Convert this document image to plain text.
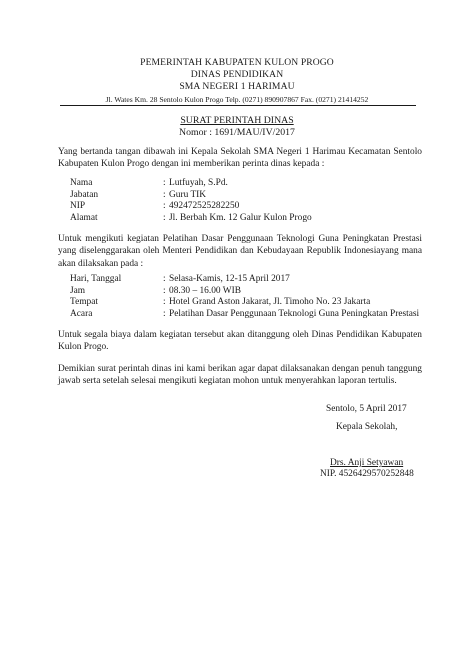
PEMERINTAH KABUPATEN KULON PROGO
DINAS PENDIDIKAN
SMA NEGERI 1 HARIMAU
Jl. Wates Km. 28 Sentolo Kulon Progo Telp. (0271) 890907867 Fax. (0271) 21414252
SURAT PERINTAH DINAS
Nomor : 1691/MAU/IV/2017
Yang bertanda tangan dibawah ini Kepala Sekolah SMA Negeri 1 Harimau Kecamatan Sentolo Kabupaten Kulon Progo dengan ini memberikan perinta dinas kepada :
Nama	: Lutfuyah, S.Pd.
Jabatan	: Guru TIK
NIP	: 492472525282250
Alamat	: Jl. Berbah Km. 12 Galur Kulon Progo
Untuk mengikuti kegiatan Pelatihan Dasar Penggunaan Teknologi Guna Peningkatan Prestasi yang diselenggarakan oleh Menteri Pendidikan dan Kebudayaan Republik Indonesiayang mana akan dilaksakan pada :
Hari, Tanggal	: Selasa-Kamis, 12-15 April 2017
Jam	: 08.30 – 16.00 WIB
Tempat	: Hotel Grand Aston Jakarat, Jl. Timoho No. 23 Jakarta
Acara	: Pelatihan Dasar Penggunaan Teknologi Guna Peningkatan Prestasi
Untuk segala biaya dalam kegiatan tersebut akan ditanggung oleh Dinas Pendidikan Kabupaten Kulon Progo.
Demikian surat perintah dinas ini kami berikan agar dapat dilaksanakan dengan penuh tanggung jawab serta setelah selesai mengikuti kegiatan mohon untuk menyerahkan laporan tertulis.
Sentolo, 5 April 2017
Kepala Sekolah,
Drs. Anji Setyawan
NIP. 4526429570252848
